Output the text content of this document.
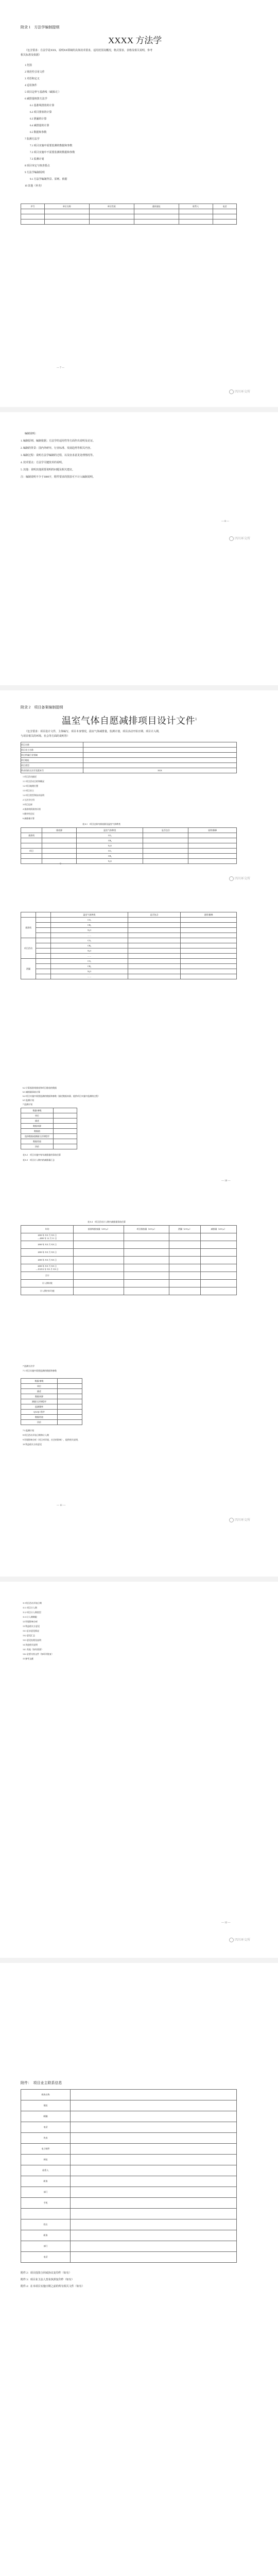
附录 1　方法学编制提纲
XXXX 方法学
（包含要求：方法学是XXX，说明XX领域的具体技术要求，适用范围及概况，格式要求，表格及相关说明，参考
相关标准及依据）
1 范围
2 规范性引用文件
3 术语和定义
4 适用条件
5 项目边界与基准线（碳源/汇）
6 减排量核算方法学
6.1 基准线排放的计算
6.2 项目排放的计算
6.3 泄漏的计算
6.4 减排量的计算
6.5 数据和参数
7 监测方法学
7.1 项目实施中需要监测的数据和参数
7.2 项目实施中不需要监测的数据和参数
7.3 监测计划
8 项目审定与核查要点
9 方法学编制说明
9.1 方法学编制背景、原则、依据
10 其他（补充）
序号	单位名称	单位性质	通讯地址	联系人	电话

— 7 —
四川环交所
编制说明：
1. 编制原则、编制依据；方法学的适用性等方面作出说明及论证。
2. 编制的背景：国内外研究、行业标准、发展趋势等相关内容。
3. 编制过程：说明方法学编制的过程，以及征求意见处理情况等。
4. 技术要点：方法学关键技术的说明。
5. 其他：说明其他需要说明的问题及相关建议。
注：编制说明不少于3000字，附件要求的图表可不计入编制说明。
— 8 —
四川环交所
附录 2　项目备案编制提纲
温室气体自愿减排项目设计文件$^1$
（包含要求：项目设计文件，主体编写，项目本身情况，温室气体减排量，监测计划，项目活动开始日期、项目计入期，
与项目相关的环境、社会等方面的说明等）
项目名称	
项目业主名称	
项目所属行业领域	
项目地址	
项目类型	
所采用的方法学及版本号	XXX
1 项目活动描述
1.1 项目活动目的和概况
1.2 项目地理位置
1.3 项目业主
1.4 项目类型和技术说明
2 方法学应用
3 项目边界
4 基准线情景的识别
5 额外性论证
6 减排量计算
表 6.1　项目边界内排放源及温室气体种类
	排放源	温室气体种类	是否包含	说明/解释
基准线		CO₂		
		CH₄		
		N₂O		
项目		CO₂		
		CH₄		
		N₂O		
— 9 —
四川环交所
		温室气体种类	是否包含	说明/解释
基准线		CO₂		
		CH₄		
		N₂O		
		……		
项目活动		CO₂		
		CH₄		
		N₂O		
		……		
泄漏		CO₂		
		CH₄		
		N₂O		
		……		
6.2 计算基准线排放和项目排放的数据
6.3 减排量事前计算
6.4 项目实施中需要监测的数据和参数（描述数据来源，提供项目实施中监测的过程）
6.5 监测计划
7 监测计划
数据/参数	
单位	
描述	
数据来源	
数据值	
选择数据或测量方法和程序	
数据用途	
评价	
表 6.2　项目实施中每年减排量的事前估算
表 6.3　项目计入期内的减排量汇总
— 10 —
表 6.4　项目活动计入期内减排量事前估算
年份	基准线排放量（tCO₂e）	项目排放量（tCO₂e）	泄漏（tCO₂e）	减排量（tCO₂e）
2000 年 XX 月 XX 日
—2000 年 12 月 31 日				
2000 年 XX 月 XX 日				
2000 年 XX 月 XX 日				
2000 年 XX 月 XX 日				
2000 年 XX 月 XX 日
—XXXX 年 XX 月 XX 日				
合计				
计入期年数				
计入期内年均值				
7 监测方法学
7.1 项目实施中需要监测的数据和参数
数据/参数	
单位	
描述	
数据来源	
测量方法和程序	
监测频率	
QA/QC 程序	
数据用途	
评价	
7.3 监测计划
8 项目活动开始日期和计入期
9 环境影响分析（项目对环境、社会的影响），提供相关说明，
10 利益相关方的意见
— 11 —
四川环交所
11 项目活动开始日期
11.1 项目计入期
11.2 项目计入期类型
11.3 计入期期限
12 环境影响分析
13 利益相关方意见
13.1 征求意见情况
13.2 意见汇总
13.3 意见处理及说明
14 其他相关说明
14.1 其他（如有需要）
14.2 必要支持文件（如环评批复）
15 参考文献
— 12 —
四川环交所
附件：　项目业主联系信息
机构名称	
地址	
邮编	
电话	
传真	
电子邮件	
网址	
联系人	
职务	
部门	
手机	

姓名	
职务	
部门	
电话	
附件 2：项目投资合同或协议复印件（如有）
附件 3：项目业主法人营业执照复印件（如有）
附件 4：在本项目实施日期之前的所有相关文件（如有）
